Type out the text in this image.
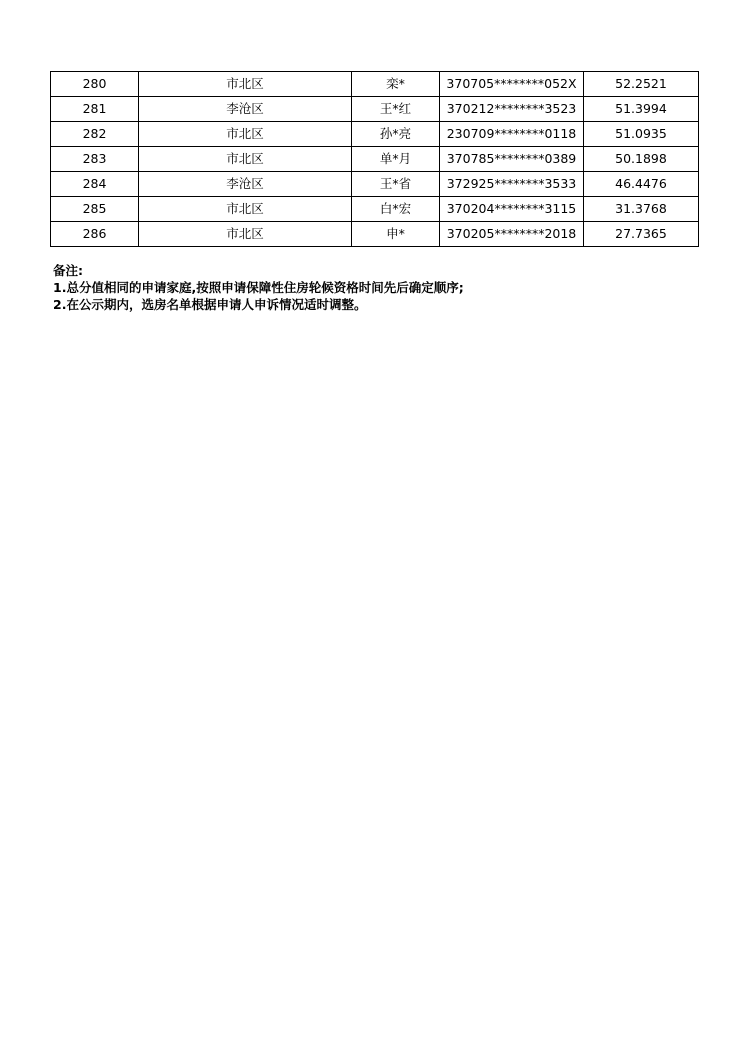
280	市北区	栾*	370705********052X	52.2521
281	李沧区	王*红	370212********3523	51.3994
282	市北区	孙*亮	230709********0118	51.0935
283	市北区	单*月	370785********0389	50.1898
284	李沧区	王*省	372925********3533	46.4476
285	市北区	白*宏	370204********3115	31.3768
286	市北区	申*	370205********2018	27.7365
备注:
1.总分值相同的申请家庭,按照申请保障性住房轮候资格时间先后确定顺序;
2.在公示期内，选房名单根据申请人申诉情况适时调整。
